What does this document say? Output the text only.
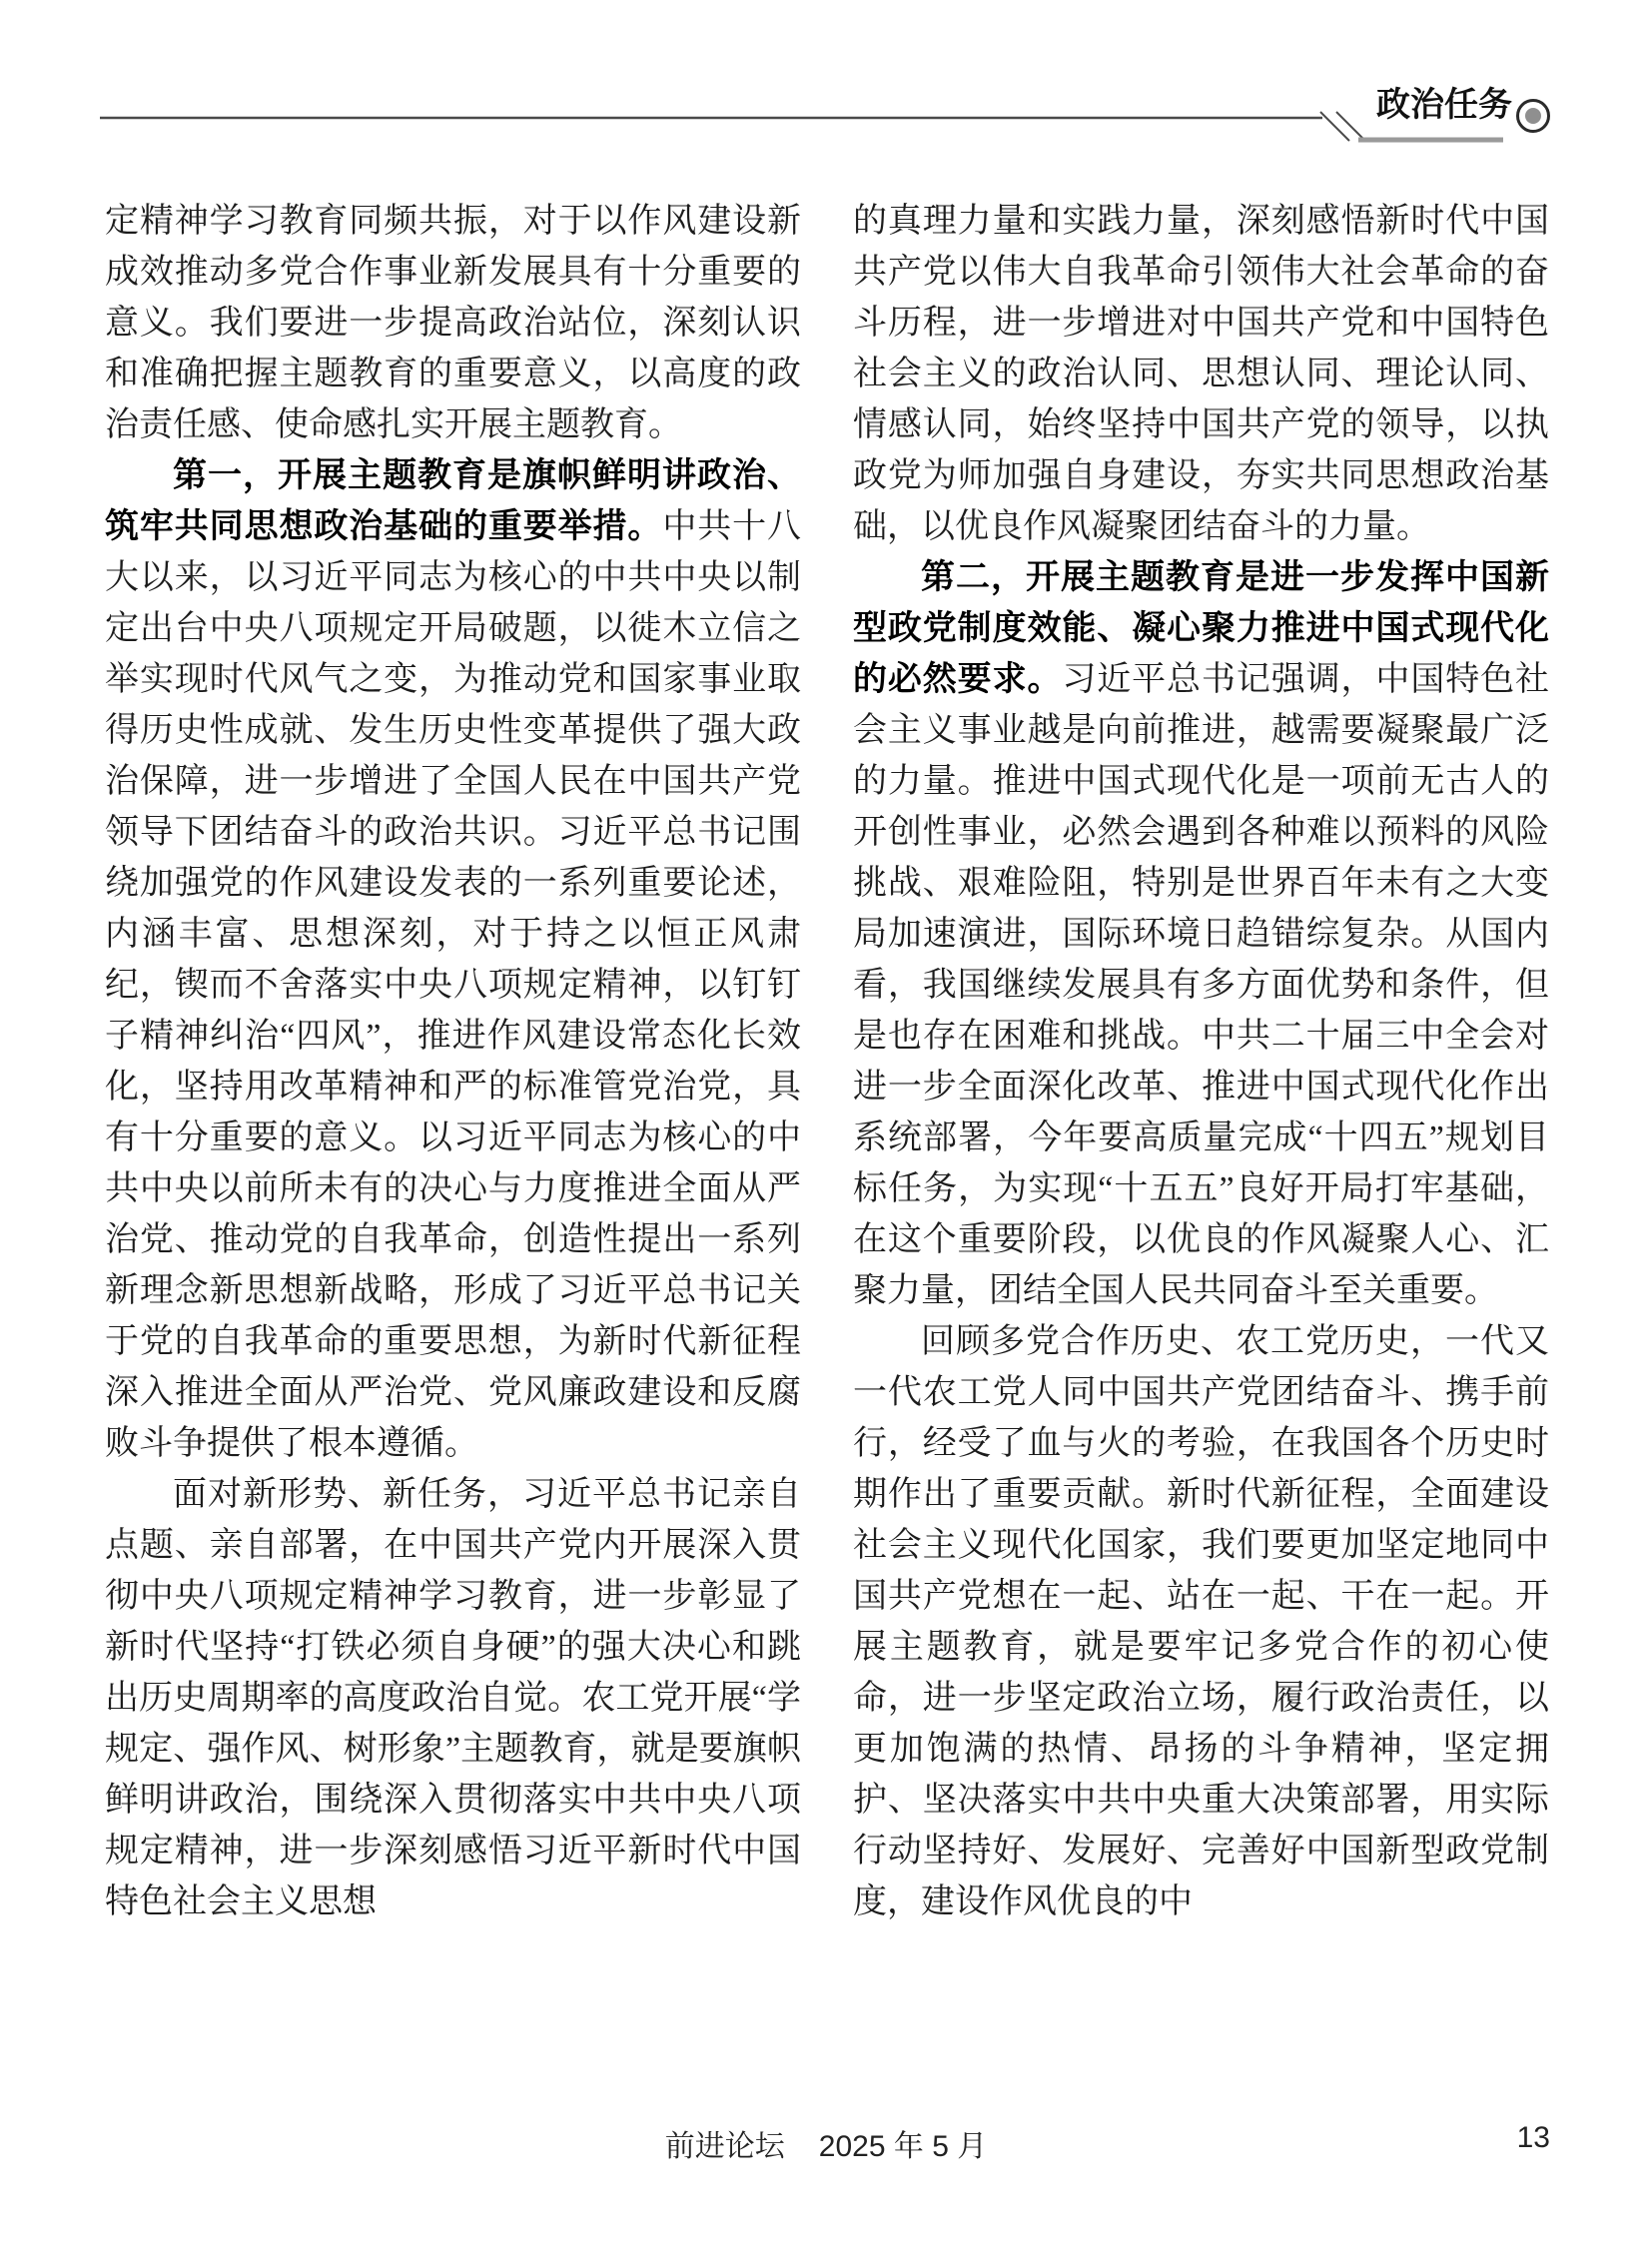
政治任务

定精神学习教育同频共振，对于以作风建设新成效推动多党合作事业新发展具有十分重要的意义。我们要进一步提高政治站位，深刻认识和准确把握主题教育的重要意义，以高度的政治责任感、使命感扎实开展主题教育。

第一，开展主题教育是旗帜鲜明讲政治、筑牢共同思想政治基础的重要举措。中共十八大以来，以习近平同志为核心的中共中央以制定出台中央八项规定开局破题，以徙木立信之举实现时代风气之变，为推动党和国家事业取得历史性成就、发生历史性变革提供了强大政治保障，进一步增进了全国人民在中国共产党领导下团结奋斗的政治共识。习近平总书记围绕加强党的作风建设发表的一系列重要论述，内涵丰富、思想深刻，对于持之以恒正风肃纪，锲而不舍落实中央八项规定精神，以钉钉子精神纠治“四风”，推进作风建设常态化长效化，坚持用改革精神和严的标准管党治党，具有十分重要的意义。以习近平同志为核心的中共中央以前所未有的决心与力度推进全面从严治党、推动党的自我革命，创造性提出一系列新理念新思想新战略，形成了习近平总书记关于党的自我革命的重要思想，为新时代新征程深入推进全面从严治党、党风廉政建设和反腐败斗争提供了根本遵循。

面对新形势、新任务，习近平总书记亲自点题、亲自部署，在中国共产党内开展深入贯彻中央八项规定精神学习教育，进一步彰显了新时代坚持“打铁必须自身硬”的强大决心和跳出历史周期率的高度政治自觉。农工党开展“学规定、强作风、树形象”主题教育，就是要旗帜鲜明讲政治，围绕深入贯彻落实中共中央八项规定精神，进一步深刻感悟习近平新时代中国特色社会主义思想

的真理力量和实践力量，深刻感悟新时代中国共产党以伟大自我革命引领伟大社会革命的奋斗历程，进一步增进对中国共产党和中国特色社会主义的政治认同、思想认同、理论认同、情感认同，始终坚持中国共产党的领导，以执政党为师加强自身建设，夯实共同思想政治基础，以优良作风凝聚团结奋斗的力量。

第二，开展主题教育是进一步发挥中国新型政党制度效能、凝心聚力推进中国式现代化的必然要求。习近平总书记强调，中国特色社会主义事业越是向前推进，越需要凝聚最广泛的力量。推进中国式现代化是一项前无古人的开创性事业，必然会遇到各种难以预料的风险挑战、艰难险阻，特别是世界百年未有之大变局加速演进，国际环境日趋错综复杂。从国内看，我国继续发展具有多方面优势和条件，但是也存在困难和挑战。中共二十届三中全会对进一步全面深化改革、推进中国式现代化作出系统部署，今年要高质量完成“十四五”规划目标任务，为实现“十五五”良好开局打牢基础，在这个重要阶段，以优良的作风凝聚人心、汇聚力量，团结全国人民共同奋斗至关重要。

回顾多党合作历史、农工党历史，一代又一代农工党人同中国共产党团结奋斗、携手前行，经受了血与火的考验，在我国各个历史时期作出了重要贡献。新时代新征程，全面建设社会主义现代化国家，我们要更加坚定地同中国共产党想在一起、站在一起、干在一起。开展主题教育，就是要牢记多党合作的初心使命，进一步坚定政治立场，履行政治责任，以更加饱满的热情、昂扬的斗争精神，坚定拥护、坚决落实中共中央重大决策部署，用实际行动坚持好、发展好、完善好中国新型政党制度，建设作风优良的中

前进论坛 2025 年 5 月	13
